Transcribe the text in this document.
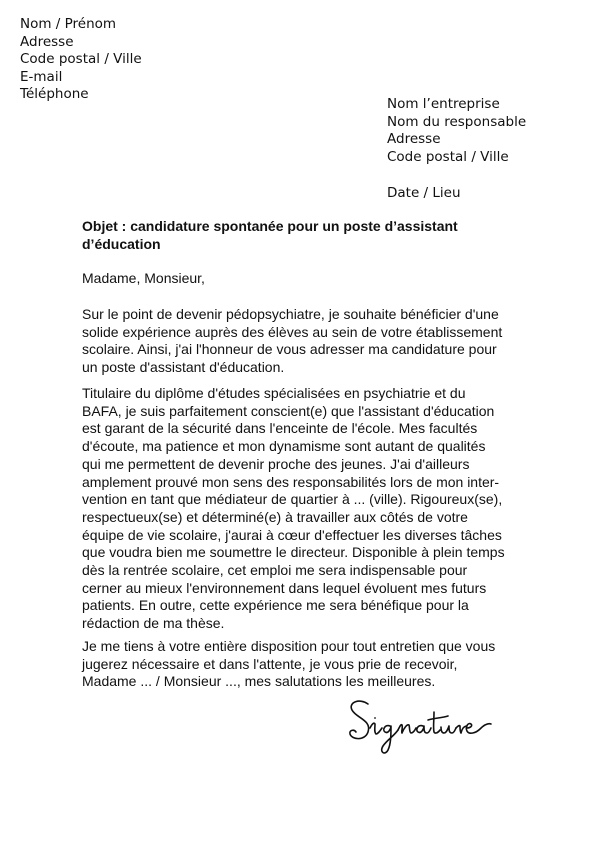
Nom / Prénom
Adresse
Code postal / Ville
E-mail
Téléphone
Nom l’entreprise
Nom du responsable
Adresse
Code postal / Ville
Date / Lieu
Objet : candidature spontanée pour un poste d’assistant
d’éducation
Madame, Monsieur,
Sur le point de devenir pédopsychiatre, je souhaite bénéficier d'une
solide expérience auprès des élèves au sein de votre établissement
scolaire. Ainsi, j'ai l'honneur de vous adresser ma candidature pour
un poste d'assistant d'éducation.
Titulaire du diplôme d'études spécialisées en psychiatrie et du
BAFA, je suis parfaitement conscient(e) que l'assistant d'éducation
est garant de la sécurité dans l'enceinte de l'école. Mes facultés
d'écoute, ma patience et mon dynamisme sont autant de qualités
qui me permettent de devenir proche des jeunes. J'ai d'ailleurs
amplement prouvé mon sens des responsabilités lors de mon inter-
vention en tant que médiateur de quartier à ... (ville). Rigoureux(se),
respectueux(se) et déterminé(e) à travailler aux côtés de votre
équipe de vie scolaire, j'aurai à cœur d'effectuer les diverses tâches
que voudra bien me soumettre le directeur. Disponible à plein temps
dès la rentrée scolaire, cet emploi me sera indispensable pour
cerner au mieux l'environnement dans lequel évoluent mes futurs
patients. En outre, cette expérience me sera bénéfique pour la
rédaction de ma thèse.
Je me tiens à votre entière disposition pour tout entretien que vous
jugerez nécessaire et dans l'attente, je vous prie de recevoir,
Madame ... / Monsieur ..., mes salutations les meilleures.
